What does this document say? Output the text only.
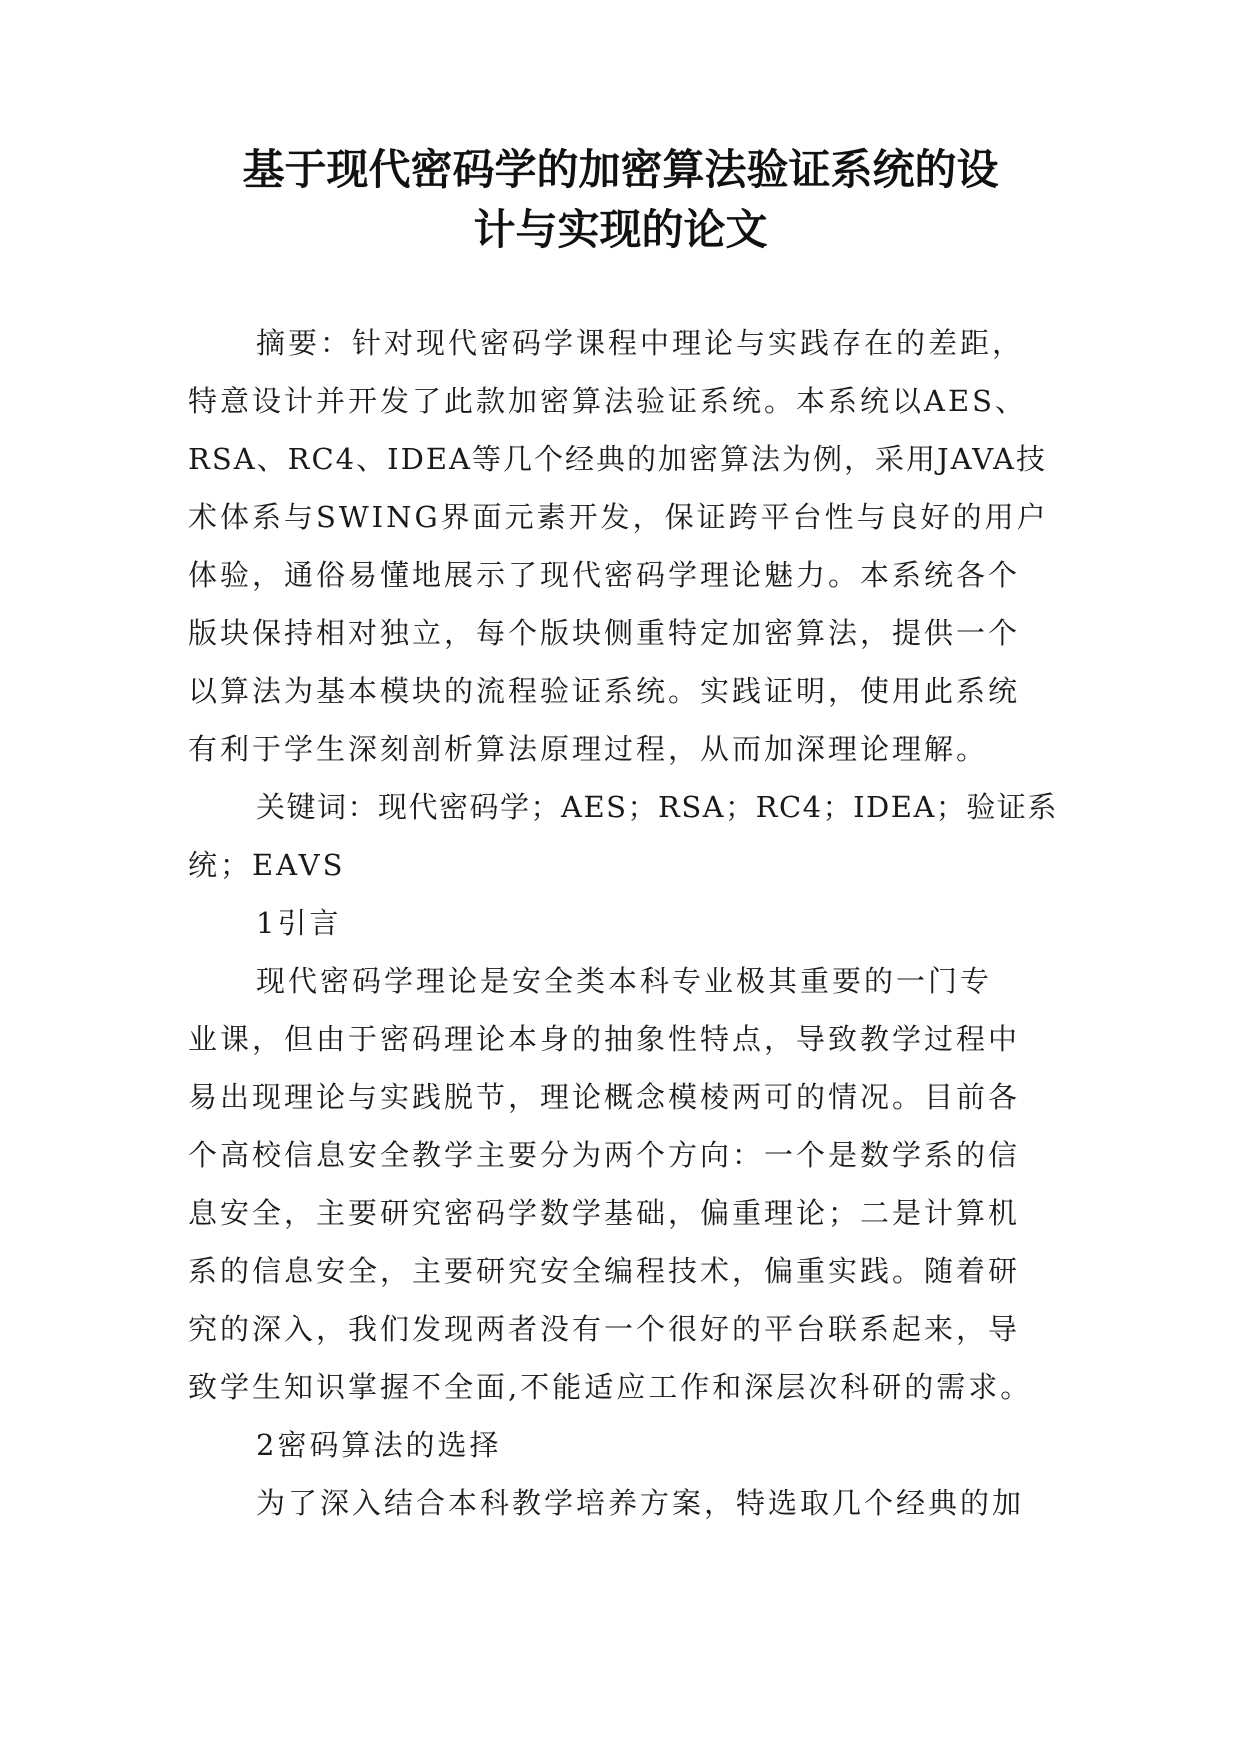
基于现代密码学的加密算法验证系统的设
计与实现的论文
摘要：针对现代密码学课程中理论与实践存在的差距，
特意设计并开发了此款加密算法验证系统。本系统以AES、
RSA、RC4、IDEA等几个经典的加密算法为例，采用JAVA技
术体系与SWING界面元素开发，保证跨平台性与良好的用户
体验，通俗易懂地展示了现代密码学理论魅力。本系统各个
版块保持相对独立，每个版块侧重特定加密算法，提供一个
以算法为基本模块的流程验证系统。实践证明，使用此系统
有利于学生深刻剖析算法原理过程，从而加深理论理解。
关键词：现代密码学；AES；RSA；RC4；IDEA；验证系
统；EAVS
1引言
现代密码学理论是安全类本科专业极其重要的一门专
业课，但由于密码理论本身的抽象性特点，导致教学过程中
易出现理论与实践脱节，理论概念模棱两可的情况。目前各
个高校信息安全教学主要分为两个方向：一个是数学系的信
息安全，主要研究密码学数学基础，偏重理论；二是计算机
系的信息安全，主要研究安全编程技术，偏重实践。随着研
究的深入，我们发现两者没有一个很好的平台联系起来，导
致学生知识掌握不全面,不能适应工作和深层次科研的需求。
2密码算法的选择
为了深入结合本科教学培养方案，特选取几个经典的加
